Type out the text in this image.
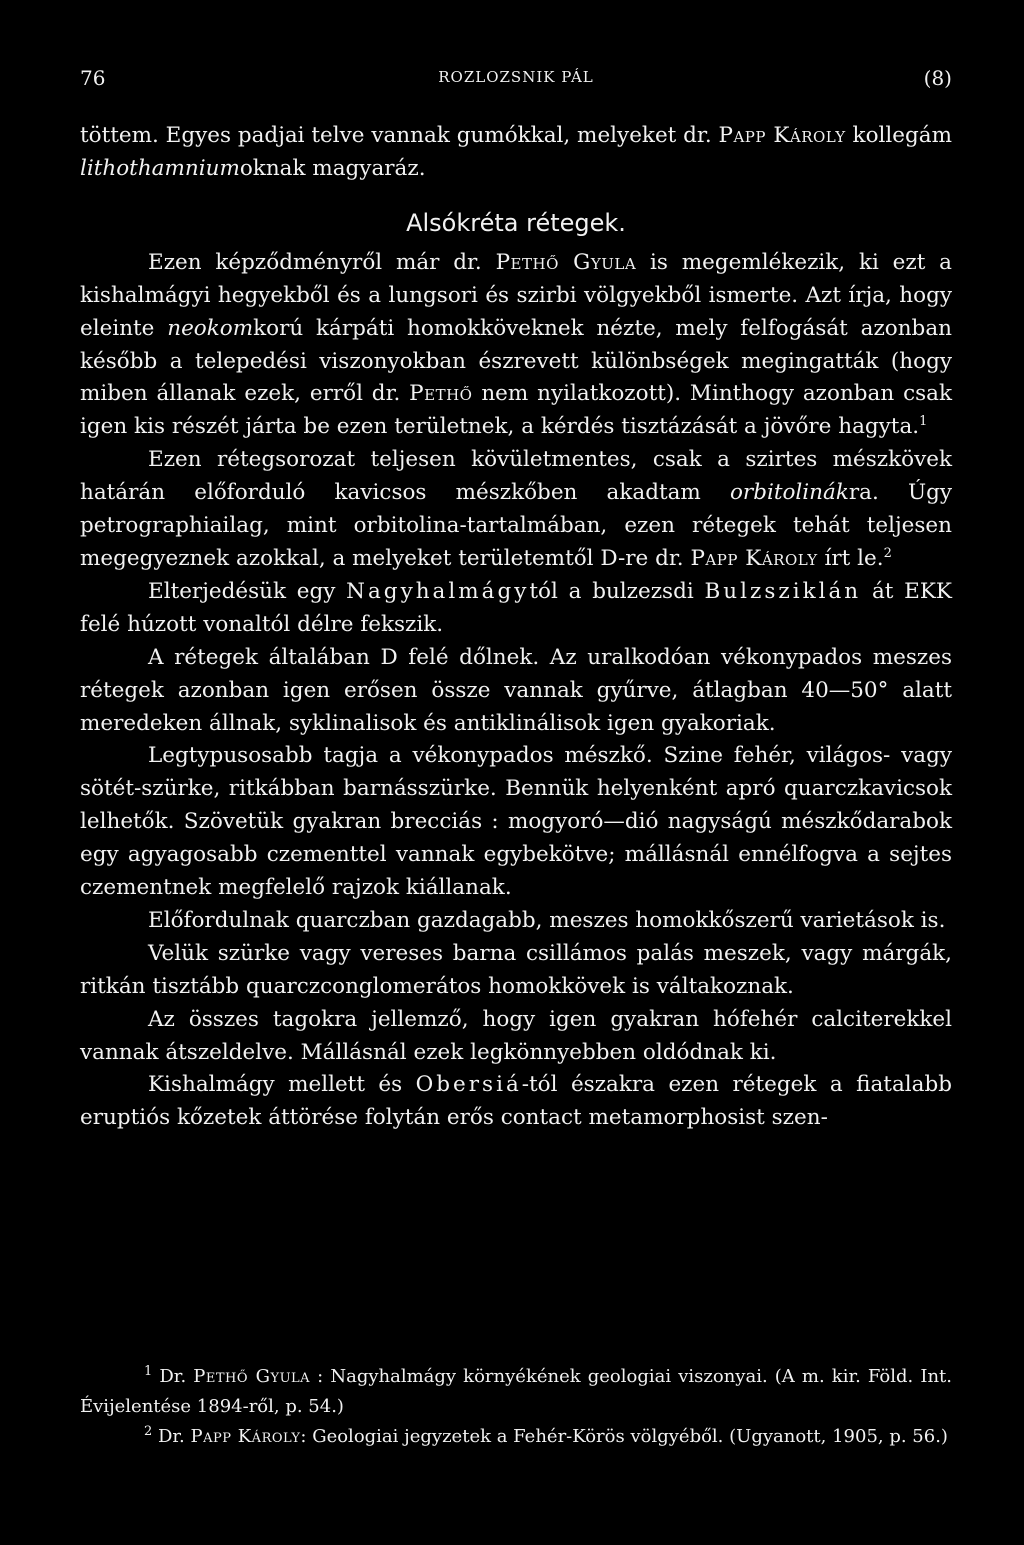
76	ROZLOZSNIK PÁL	(8)

töttem. Egyes padjai telve vannak gumókkal, melyeket dr. Papp Károly kollegám lithothamniumoknak magyaráz.

Alsókréta rétegek.

Ezen képződményről már dr. Pethő Gyula is megemlékezik, ki ezt a kishalmágyi hegyekből és a lungsori és szirbi völgyekből ismerte. Azt írja, hogy eleinte neokomkorú kárpáti homokköveknek nézte, mely felfogását azonban később a telepedési viszonyokban észrevett különbségek megingatták (hogy miben állanak ezek, erről dr. Pethő nem nyilatkozott). Minthogy azonban csak igen kis részét járta be ezen területnek, a kérdés tisztázását a jövőre hagyta.$^1$

Ezen rétegsorozat teljesen kövületmentes, csak a szirtes mészkövek határán előforduló kavicsos mészkőben akadtam orbitolinákra. Úgy petrographiailag, mint orbitolina-tartalmában, ezen rétegek tehát teljesen megegyeznek azokkal, a melyeket területemtől D-re dr. Papp Károly írt le.$^2$

Elterjedésük egy Nagyhalmágytól a bulzezsdi Bulzsziklán át EKK felé húzott vonaltól délre fekszik.

A rétegek általában D felé dőlnek. Az uralkodóan vékonypados meszes rétegek azonban igen erősen össze vannak gyűrve, átlagban 40—50° alatt meredeken állnak, syklinalisok és antiklinálisok igen gyakoriak.

Legtypusosabb tagja a vékonypados mészkő. Szine fehér, világos- vagy sötét-szürke, ritkábban barnásszürke. Bennük helyenként apró quarczkavicsok lelhetők. Szövetük gyakran brecciás : mogyoró—dió nagyságú mészkődarabok egy agyagosabb czementtel vannak egybekötve; mállásnál ennélfogva a sejtes czementnek megfelelő rajzok kiállanak.

Előfordulnak quarczban gazdagabb, meszes homokkőszerű varietások is.

Velük szürke vagy vereses barna csillámos palás meszek, vagy márgák, ritkán tisztább quarczconglomerátos homokkövek is váltakoznak.

Az összes tagokra jellemző, hogy igen gyakran hófehér calciterekkel vannak átszeldelve. Mállásnál ezek legkönnyebben oldódnak ki.

Kishalmágy mellett és Obersiá-tól északra ezen rétegek a fiatalabb eruptiós kőzetek áttörése folytán erős contact metamorphosist szen-

$^1$ Dr. Pethő Gyula : Nagyhalmágy környékének geologiai viszonyai. (A m. kir. Föld. Int. Évijelentése 1894-ről, p. 54.)

$^2$ Dr. Papp Károly: Geologiai jegyzetek a Fehér-Körös völgyéből. (Ugyanott, 1905, p. 56.)
